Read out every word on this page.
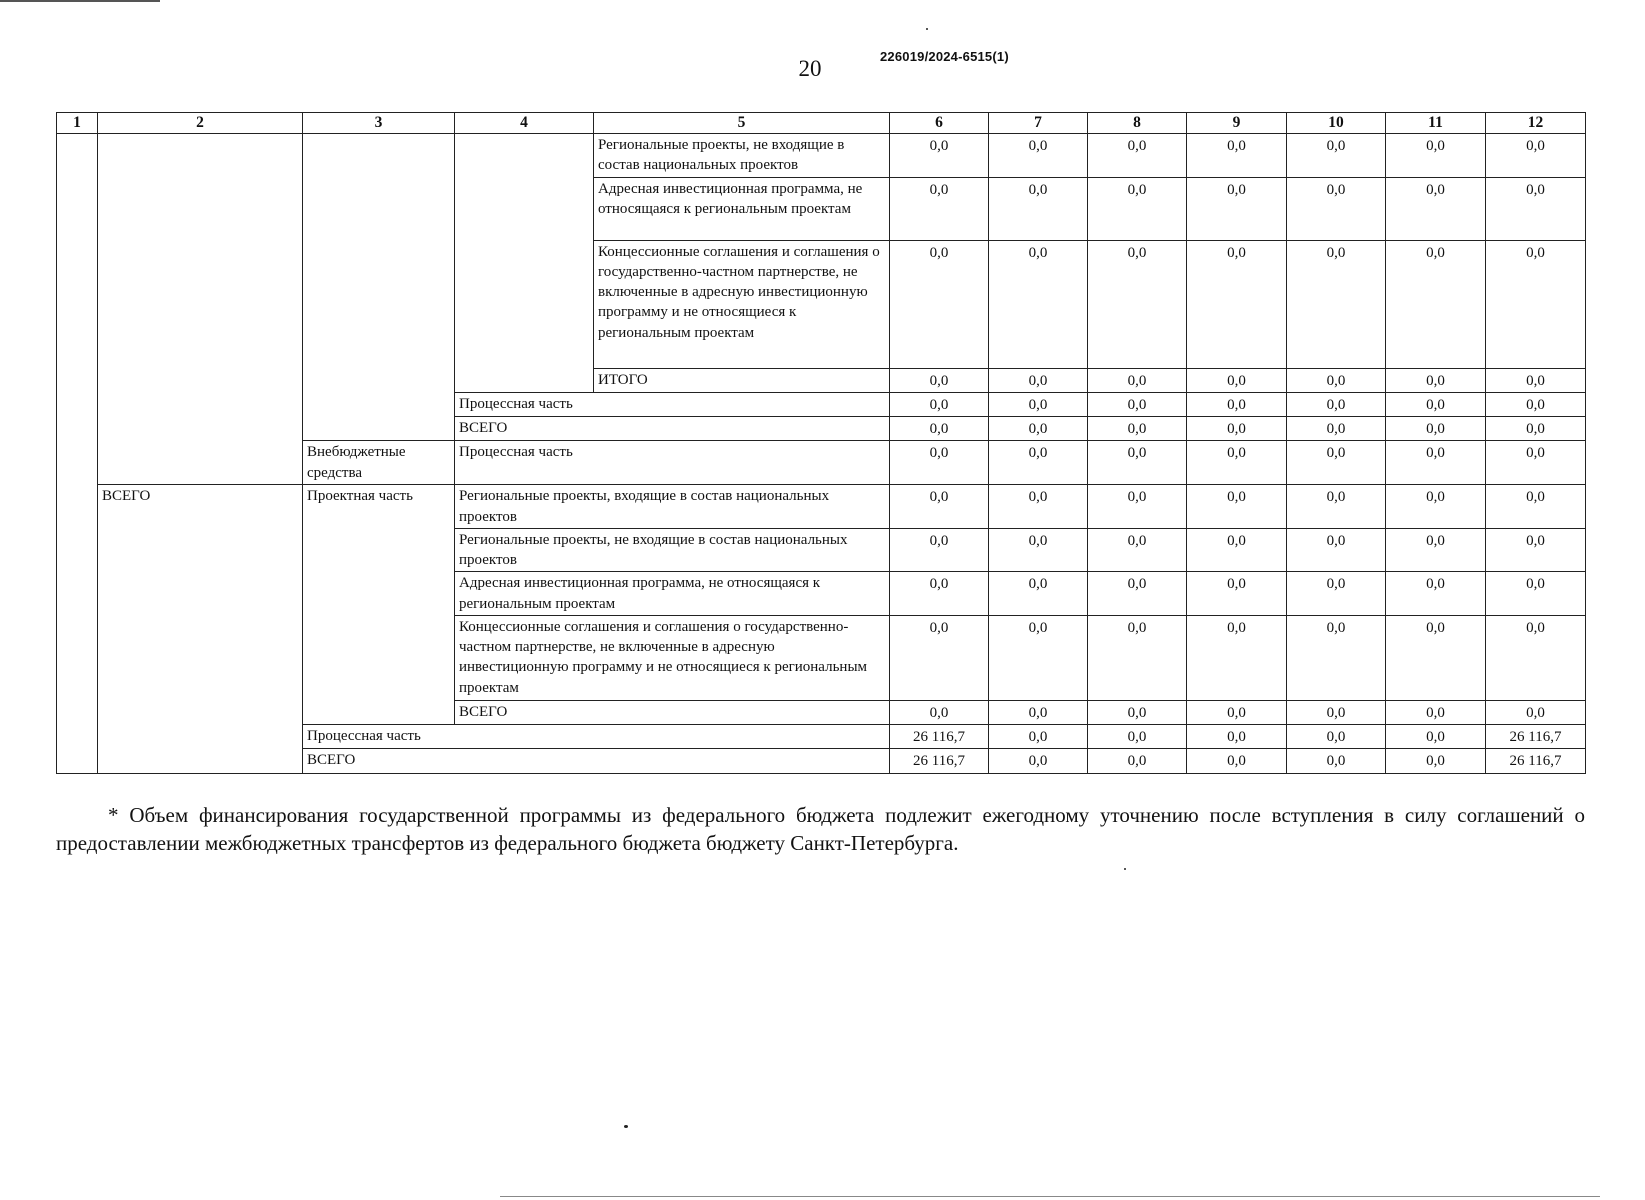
20	226019/2024-6515(1)
1	2	3	4	5	6	7	8	9	10	11	12
				Региональные проекты, не входящие в состав национальных проектов	0,0	0,0	0,0	0,0	0,0	0,0	0,0
				Адресная инвестиционная программа, не относящаяся к региональным проектам	0,0	0,0	0,0	0,0	0,0	0,0	0,0
				Концессионные соглашения и соглашения о государственно-частном партнерстве, не включенные в адресную инвестиционную программу и не относящиеся к региональным проектам	0,0	0,0	0,0	0,0	0,0	0,0	0,0
				ИТОГО	0,0	0,0	0,0	0,0	0,0	0,0	0,0
			Процессная часть		0,0	0,0	0,0	0,0	0,0	0,0	0,0
			ВСЕГО		0,0	0,0	0,0	0,0	0,0	0,0	0,0
		Внебюджетные средства	Процессная часть		0,0	0,0	0,0	0,0	0,0	0,0	0,0
	ВСЕГО	Проектная часть	Региональные проекты, входящие в состав национальных проектов		0,0	0,0	0,0	0,0	0,0	0,0	0,0
			Региональные проекты, не входящие в состав национальных проектов		0,0	0,0	0,0	0,0	0,0	0,0	0,0
			Адресная инвестиционная программа, не относящаяся к региональным проектам		0,0	0,0	0,0	0,0	0,0	0,0	0,0
			Концессионные соглашения и соглашения о государственно-частном партнерстве, не включенные в адресную инвестиционную программу и не относящиеся к региональным проектам		0,0	0,0	0,0	0,0	0,0	0,0	0,0
			ВСЕГО		0,0	0,0	0,0	0,0	0,0	0,0	0,0
		Процессная часть			26 116,7	0,0	0,0	0,0	0,0	0,0	26 116,7
		ВСЕГО			26 116,7	0,0	0,0	0,0	0,0	0,0	26 116,7

* Объем финансирования государственной программы из федерального бюджета подлежит ежегодному уточнению после вступления в силу соглашений о предоставлении межбюджетных трансфертов из федерального бюджета бюджету Санкт-Петербурга.
